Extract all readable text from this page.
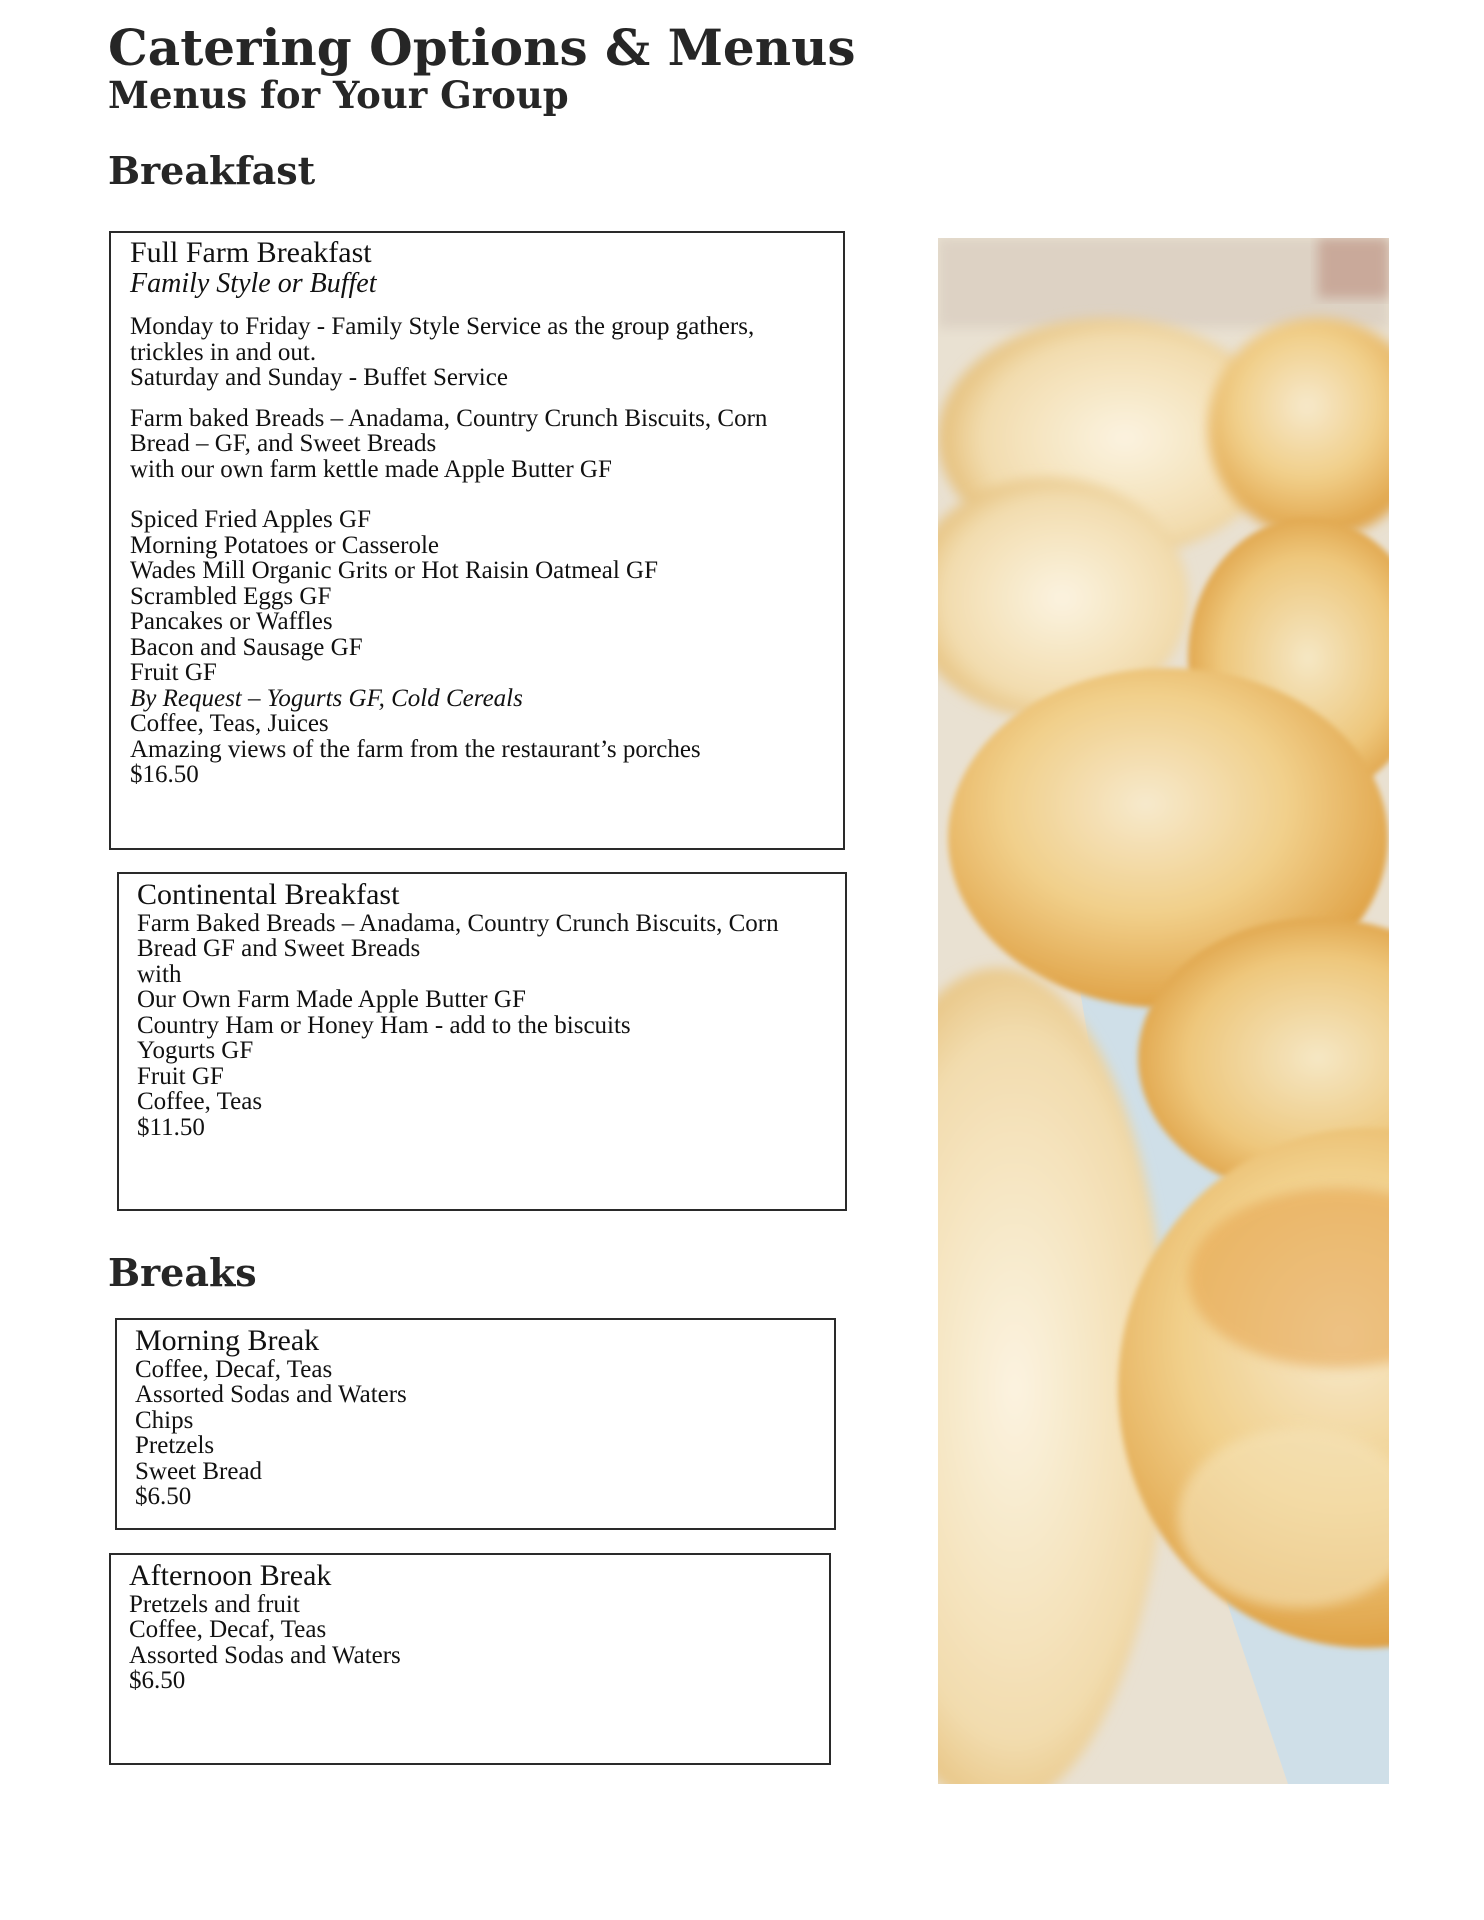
Catering Options & Menus
Menus for Your Group
Breakfast
Full Farm Breakfast
Family Style or Buffet
Monday to Friday - Family Style Service as the group gathers,
trickles in and out.
Saturday and Sunday - Buffet Service
Farm baked Breads – Anadama, Country Crunch Biscuits, Corn
Bread – GF, and Sweet Breads
with our own farm kettle made Apple Butter GF
Spiced Fried Apples GF
Morning Potatoes or Casserole
Wades Mill Organic Grits or Hot Raisin Oatmeal GF
Scrambled Eggs GF
Pancakes or Waffles
Bacon and Sausage GF
Fruit GF
By Request – Yogurts GF, Cold Cereals
Coffee, Teas, Juices
Amazing views of the farm from the restaurant’s porches
$16.50
Continental Breakfast
Farm Baked Breads – Anadama, Country Crunch Biscuits, Corn
Bread GF and Sweet Breads
with
Our Own Farm Made Apple Butter GF
Country Ham or Honey Ham - add to the biscuits
Yogurts GF
Fruit GF
Coffee, Teas
$11.50
Breaks
Morning Break
Coffee, Decaf, Teas
Assorted Sodas and Waters
Chips
Pretzels
Sweet Bread
$6.50
Afternoon Break
Pretzels and fruit
Coffee, Decaf, Teas
Assorted Sodas and Waters
$6.50
